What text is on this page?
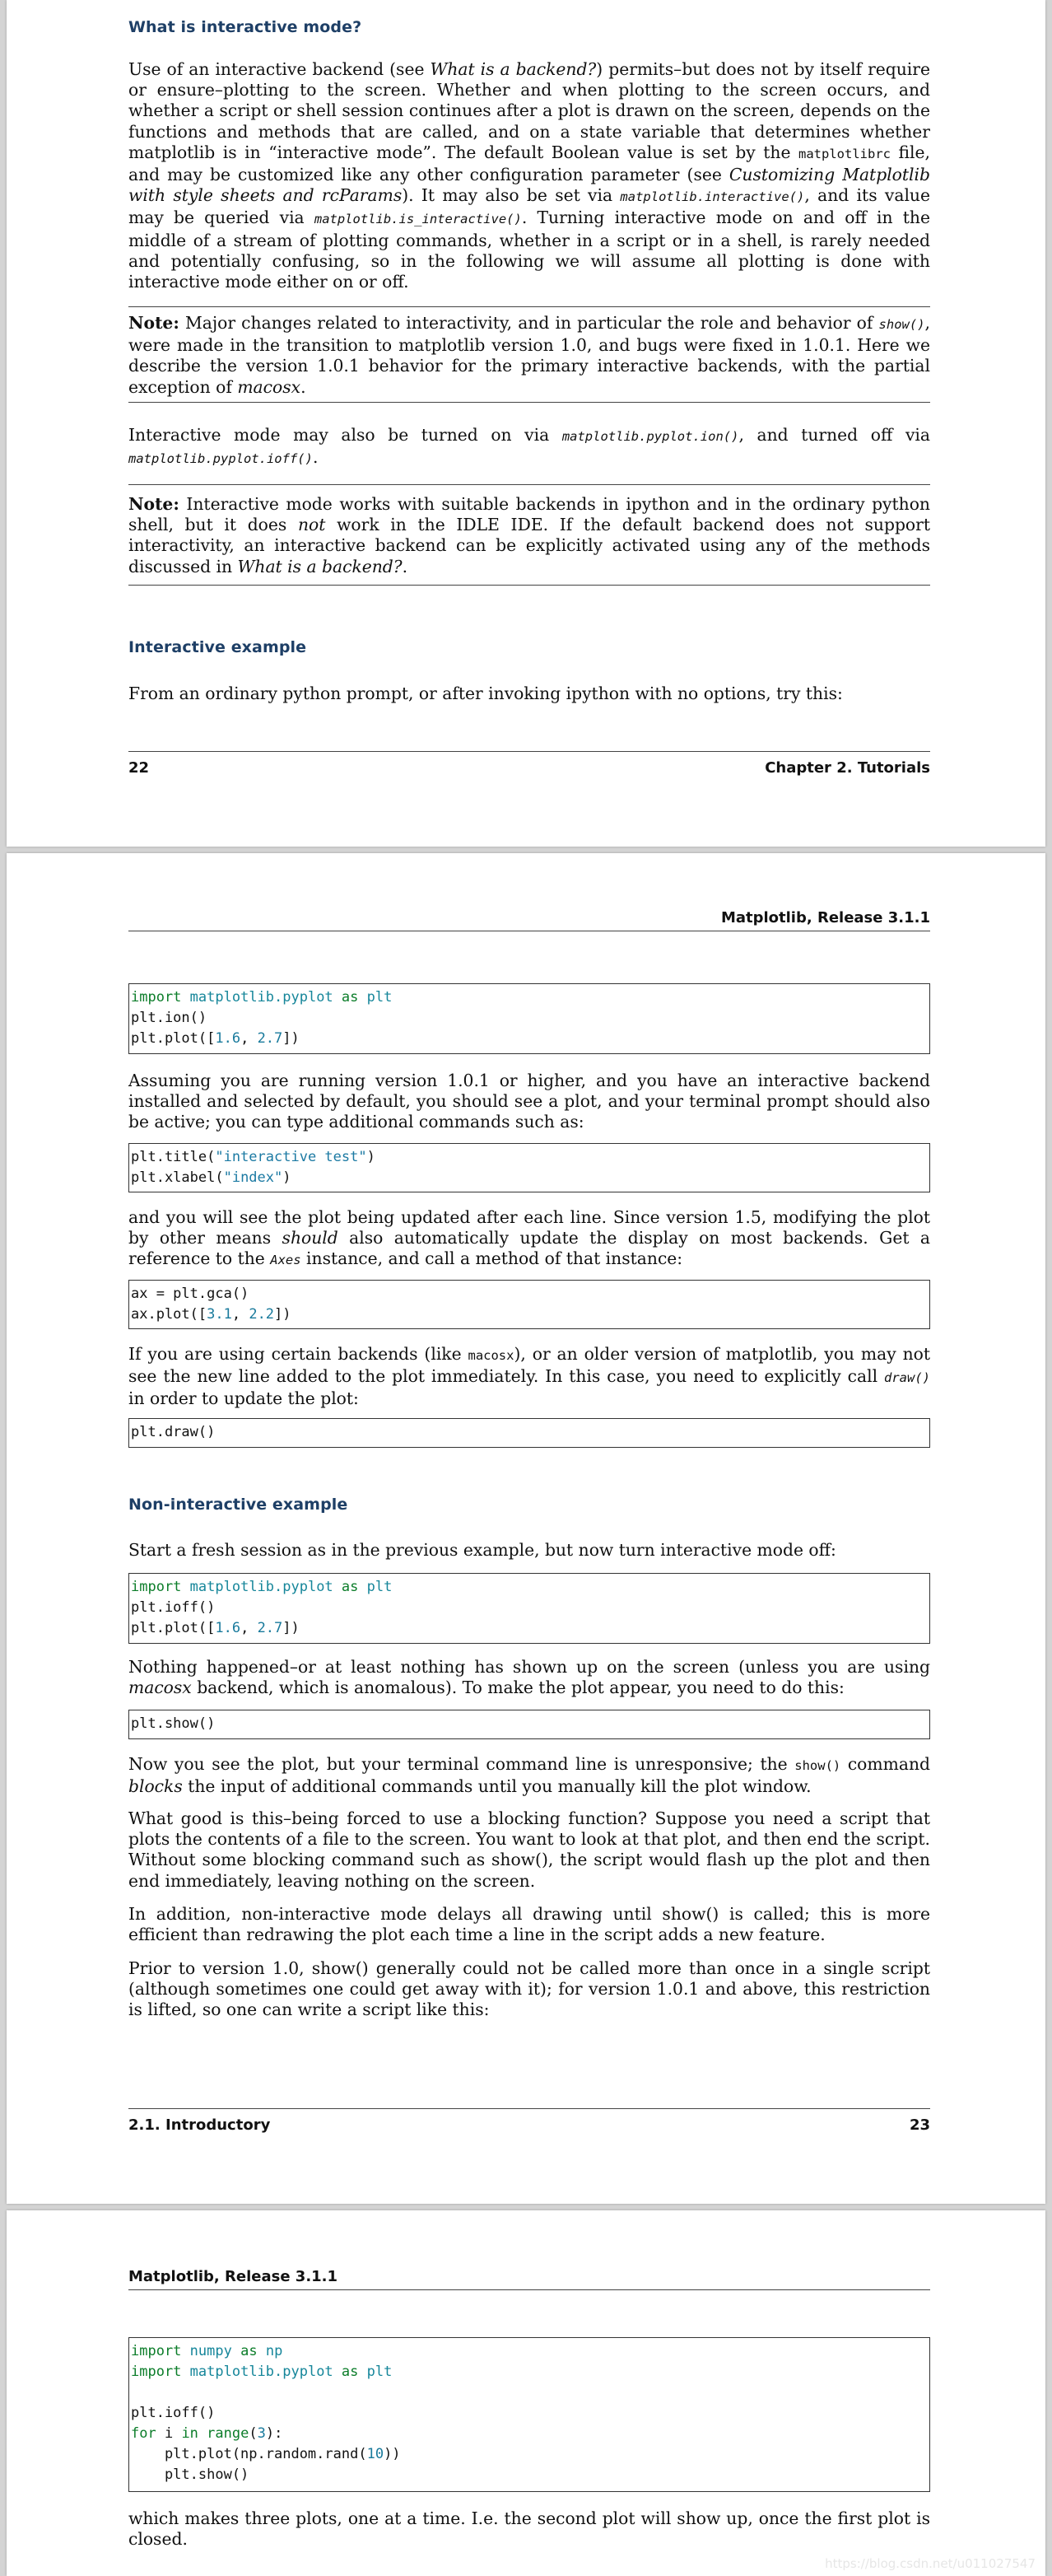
What is interactive mode?

Use of an interactive backend (see What is a backend?) permits–but does not by itself require or ensure–plotting to the screen. Whether and when plotting to the screen occurs, and whether a script or shell session continues after a plot is drawn on the screen, depends on the functions and methods that are called, and on a state variable that determines whether matplotlib is in “interactive mode”. The default Boolean value is set by the matplotlibrc file, and may be customized like any other configuration parameter (see Customizing Matplotlib with style sheets and rcParams). It may also be set via matplotlib.interactive(), and its value may be queried via matplotlib.is_interactive(). Turning interactive mode on and off in the middle of a stream of plotting commands, whether in a script or in a shell, is rarely needed and potentially confusing, so in the following we will assume all plotting is done with interactive mode either on or off.

Note: Major changes related to interactivity, and in particular the role and behavior of show(), were made in the transition to matplotlib version 1.0, and bugs were fixed in 1.0.1. Here we describe the version 1.0.1 behavior for the primary interactive backends, with the partial exception of macosx.

Interactive mode may also be turned on via matplotlib.pyplot.ion(), and turned off via matplotlib.pyplot.ioff().

Note: Interactive mode works with suitable backends in ipython and in the ordinary python shell, but it does not work in the IDLE IDE. If the default backend does not support interactivity, an interactive backend can be explicitly activated using any of the methods discussed in What is a backend?.

Interactive example

From an ordinary python prompt, or after invoking ipython with no options, try this:

22	Chapter 2. Tutorials
Matplotlib, Release 3.1.1
import matplotlib.pyplot as plt
plt.ion()
plt.plot([1.6, 2.7])

Assuming you are running version 1.0.1 or higher, and you have an interactive backend installed and selected by default, you should see a plot, and your terminal prompt should also be active; you can type additional commands such as:

plt.title("interactive test")
plt.xlabel("index")

and you will see the plot being updated after each line. Since version 1.5, modifying the plot by other means should also automatically update the display on most backends. Get a reference to the Axes instance, and call a method of that instance:

ax = plt.gca()
ax.plot([3.1, 2.2])

If you are using certain backends (like macosx), or an older version of matplotlib, you may not see the new line added to the plot immediately. In this case, you need to explicitly call draw() in order to update the plot:

plt.draw()
Non-interactive example

Start a fresh session as in the previous example, but now turn interactive mode off:

import matplotlib.pyplot as plt
plt.ioff()
plt.plot([1.6, 2.7])

Nothing happened–or at least nothing has shown up on the screen (unless you are using macosx backend, which is anomalous). To make the plot appear, you need to do this:

plt.show()

Now you see the plot, but your terminal command line is unresponsive; the show() command blocks the input of additional commands until you manually kill the plot window.

What good is this–being forced to use a blocking function? Suppose you need a script that plots the contents of a file to the screen. You want to look at that plot, and then end the script. Without some blocking command such as show(), the script would flash up the plot and then end immediately, leaving nothing on the screen.

In addition, non-interactive mode delays all drawing until show() is called; this is more efficient than redrawing the plot each time a line in the script adds a new feature.

Prior to version 1.0, show() generally could not be called more than once in a single script (although sometimes one could get away with it); for version 1.0.1 and above, this restriction is lifted, so one can write a script like this:

2.1. Introductory	23
Matplotlib, Release 3.1.1
import numpy as np
import matplotlib.pyplot as plt
plt.ioff()
for i in range(3):
plt.plot(np.random.rand(10))
plt.show()

which makes three plots, one at a time. I.e. the second plot will show up, once the first plot is closed.

https://blog.csdn.net/u011027547
